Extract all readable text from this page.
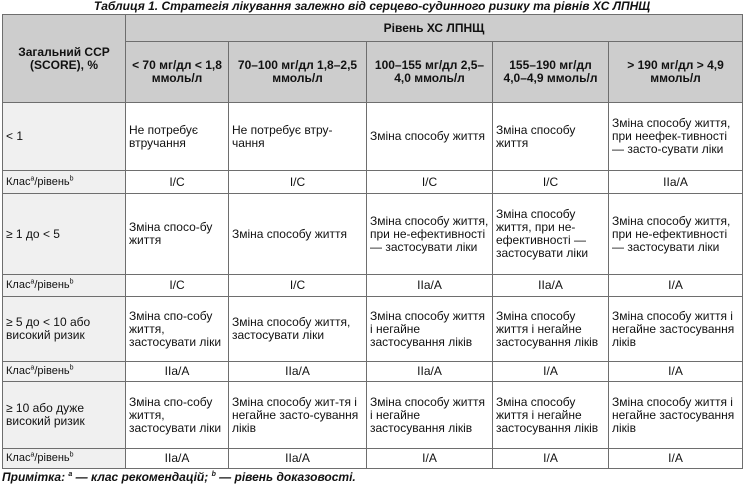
Таблиця 1. Стратегія лікування залежно від серцево-судинного ризику та рівнів ХС ЛПНЩ
Загальний ССР (SCORE), %	Рівень ХС ЛПНЩ				
	< 70 мг/дл < 1,8 ммоль/л	70–100 мг/дл 1,8–2,5 ммоль/л	100–155 мг/дл 2,5–4,0 ммоль/л	155–190 мг/дл 4,0–4,9 ммоль/л	> 190 мг/дл > 4,9 ммоль/л
< 1	Не потребує втручання	Не потребує втру-чання	Зміна способу життя	Зміна способу життя	Зміна способу життя, при неефек-тивності — засто-сувати ліки
Клас$^a$/рівень$^b$	I/C	I/C	I/C	I/C	IIa/A
≥ 1 до < 5	Зміна спосо-бу життя	Зміна способу життя	Зміна способу життя, при не-ефективності — застосувати ліки	Зміна способу життя, при не-ефективності — застосувати ліки	Зміна способу життя, при не-ефективності — застосувати ліки
Клас$^a$/рівень$^b$	I/C	I/C	IIa/A	IIa/A	I/A
≥ 5 до < 10 або високий ризик	Зміна спо-собу життя, застосувати ліки	Зміна способу життя, застосувати ліки	Зміна способу життя і негайне застосування ліків	Зміна способу життя і негайне застосування ліків	Зміна способу життя і негайне застосування ліків
Клас$^a$/рівень$^b$	IIa/A	IIa/A	IIa/A	I/A	I/A
≥ 10 або дуже високий ризик	Зміна спо-собу життя, застосувати ліки	Зміна способу жит-тя і негайне засто-сування ліків	Зміна способу життя і негайне застосування ліків	Зміна способу життя і негайне застосування ліків	Зміна способу життя і негайне застосування ліків
Клас$^a$/рівень$^b$	IIa/A	IIa/A	I/A	I/A	I/A
Примітка: $^a$ — клас рекомендацій; $^b$ — рівень доказовості.
